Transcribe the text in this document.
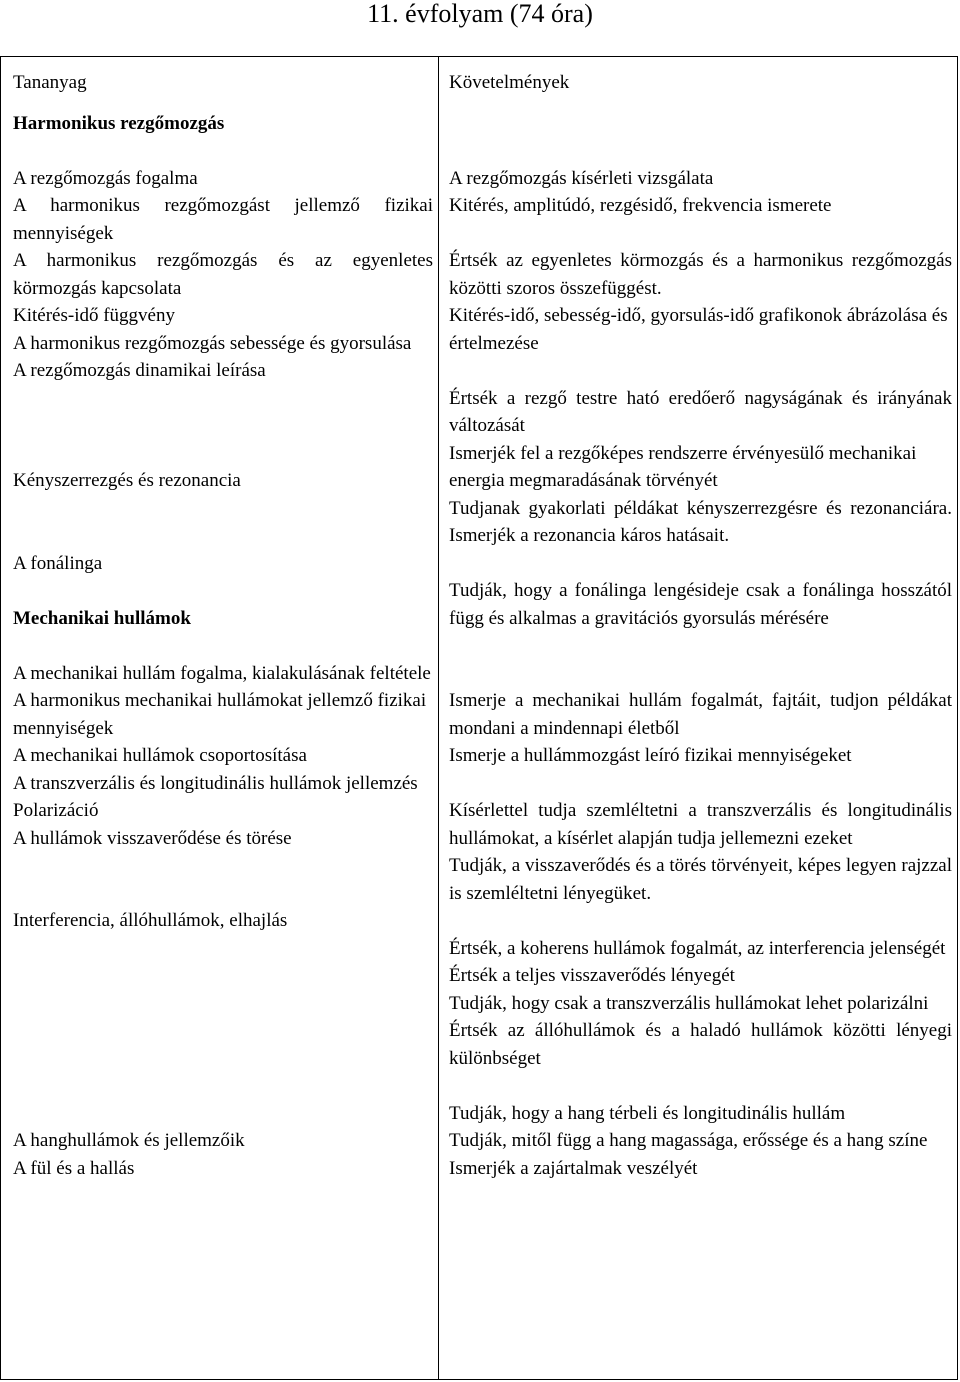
11. évfolyam (74 óra)

Tananyag

Harmonikus rezgőmozgás

A rezgőmozgás fogalma

A harmonikus rezgőmozgást jellemző fizikai mennyiségek

A harmonikus rezgőmozgás és az egyenletes körmozgás kapcsolata

Kitérés-idő függvény

A harmonikus rezgőmozgás sebessége és gyorsulása

A rezgőmozgás dinamikai leírása

Kényszerrezgés és rezonancia

A fonálinga

Mechanikai hullámok

A mechanikai hullám fogalma, kialakulásának feltétele

A harmonikus mechanikai hullámokat jellemző fizikai mennyiségek

A mechanikai hullámok csoportosítása

A transzverzális és longitudinális hullámok jellemzés

Polarizáció

A hullámok visszaverődése és törése

Interferencia, állóhullámok, elhajlás

A hanghullámok és jellemzőik

A fül és a hallás

Követelmények

A rezgőmozgás kísérleti vizsgálata

Kitérés, amplitúdó, rezgésidő, frekvencia ismerete

Értsék az egyenletes körmozgás és a harmonikus rezgőmozgás közötti szoros összefüggést.

Kitérés-idő, sebesség-idő, gyorsulás-idő grafikonok ábrázolása és értelmezése

Értsék a rezgő testre ható eredőerő nagyságának és irányának változását

Ismerjék fel a rezgőképes rendszerre érvényesülő mechanikai energia megmaradásának törvényét

Tudjanak gyakorlati példákat kényszerrezgésre és rezonanciára. Ismerjék a rezonancia káros hatásait.

Tudják, hogy a fonálinga lengésideje csak a fonálinga hosszától függ és alkalmas a gravitációs gyorsulás mérésére

Ismerje a mechanikai hullám fogalmát, fajtáit, tudjon példákat mondani a mindennapi életből

Ismerje a hullámmozgást leíró fizikai mennyiségeket

Kísérlettel tudja szemléltetni a transzverzális és longitudinális hullámokat, a kísérlet alapján tudja jellemezni ezeket

Tudják, a visszaverődés és a törés törvényeit, képes legyen rajzzal is szemléltetni lényegüket.

Értsék, a koherens hullámok fogalmát, az interferencia jelenségét

Értsék a teljes visszaverődés lényegét

Tudják, hogy csak a transzverzális hullámokat lehet polarizálni

Értsék az állóhullámok és a haladó hullámok közötti lényegi különbséget

Tudják, hogy a hang térbeli és longitudinális hullám

Tudják, mitől függ a hang magassága, erőssége és a hang színe

Ismerjék a zajártalmak veszélyét
